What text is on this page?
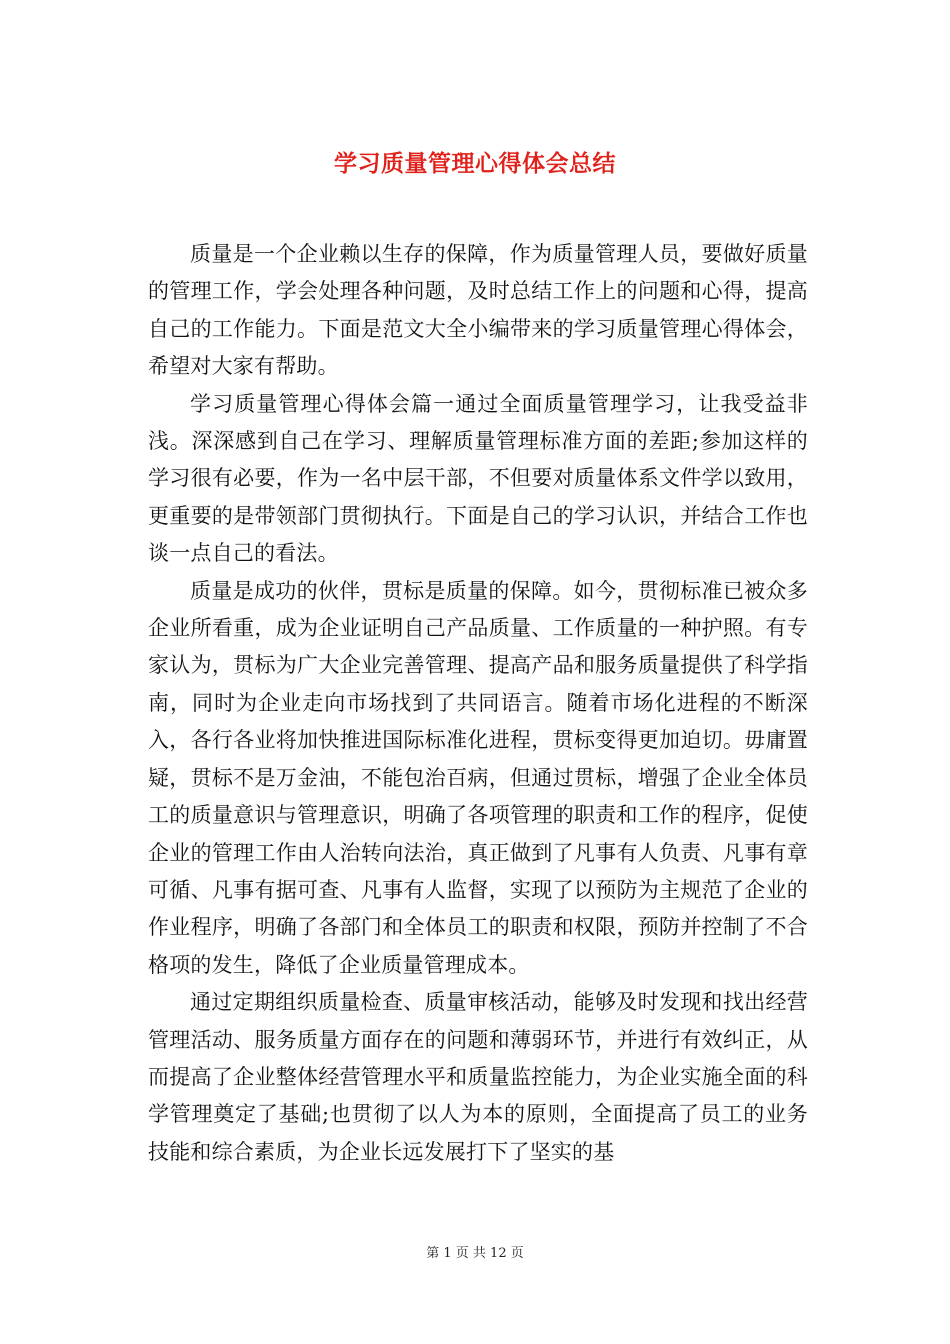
学习质量管理心得体会总结

质量是一个企业赖以生存的保障，作为质量管理人员，要做好质量的管理工作，学会处理各种问题，及时总结工作上的问题和心得，提高自己的工作能力。下面是范文大全小编带来的学习质量管理心得体会，希望对大家有帮助。

学习质量管理心得体会篇一通过全面质量管理学习，让我受益非浅。深深感到自己在学习、理解质量管理标准方面的差距;参加这样的学习很有必要，作为一名中层干部，不但要对质量体系文件学以致用，更重要的是带领部门贯彻执行。下面是自己的学习认识，并结合工作也谈一点自己的看法。

质量是成功的伙伴，贯标是质量的保障。如今，贯彻标准已被众多企业所看重，成为企业证明自己产品质量、工作质量的一种护照。有专家认为，贯标为广大企业完善管理、提高产品和服务质量提供了科学指南，同时为企业走向市场找到了共同语言。随着市场化进程的不断深入，各行各业将加快推进国际标准化进程，贯标变得更加迫切。毋庸置疑，贯标不是万金油，不能包治百病，但通过贯标，增强了企业全体员工的质量意识与管理意识，明确了各项管理的职责和工作的程序，促使企业的管理工作由人治转向法治，真正做到了凡事有人负责、凡事有章可循、凡事有据可查、凡事有人监督，实现了以预防为主规范了企业的作业程序，明确了各部门和全体员工的职责和权限，预防并控制了不合格项的发生，降低了企业质量管理成本。

通过定期组织质量检查、质量审核活动，能够及时发现和找出经营管理活动、服务质量方面存在的问题和薄弱环节，并进行有效纠正，从而提高了企业整体经营管理水平和质量监控能力，为企业实施全面的科学管理奠定了基础;也贯彻了以人为本的原则，全面提高了员工的业务技能和综合素质，为企业长远发展打下了坚实的基

第 1 页 共 12 页
